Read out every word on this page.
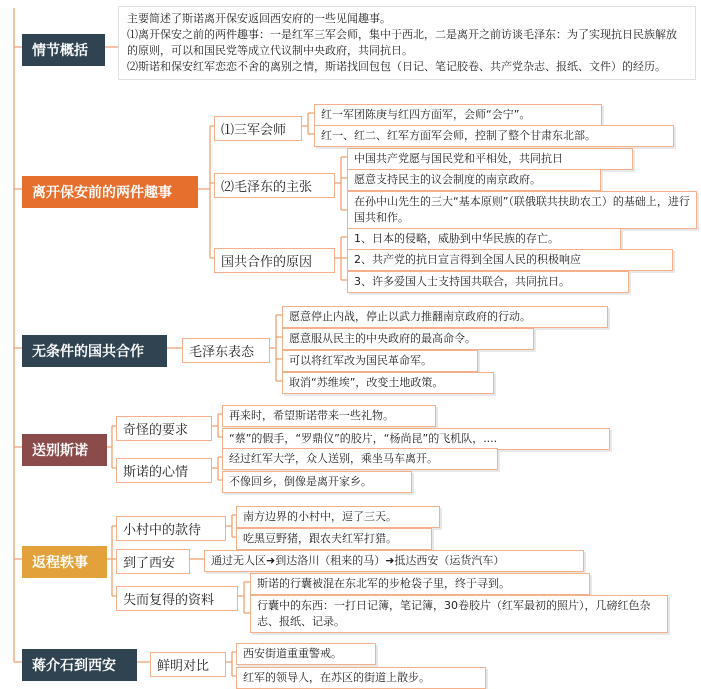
情节概括
离开保安前的两件趣事
无条件的国共合作
送别斯诺
返程轶事
蒋介石到西安
主要简述了斯诺离开保安返回西安府的一些见闻趣事。
⑴离开保安之前的两件趣事：一是红军三军会师，集中于西北，二是离开之前访谈毛泽东：为了实现抗日民族解放的原则，可以和国民党等成立代议制中央政府，共同抗日。
⑵斯诺和保安红军恋恋不舍的离别之情，斯诺找回包包（日记、笔记胶卷、共产党杂志、报纸、文件）的经历。
⑴三军会师
⑵毛泽东的主张
国共合作的原因
毛泽东表态
奇怪的要求
斯诺的心情
小村中的款待
到了西安
失而复得的资料
鲜明对比
红一军团陈庚与红四方面军，会师“会宁”。
红一、红二、红军方面军会师，控制了整个甘肃东北部。
中国共产党愿与国民党和平相处，共同抗日
愿意支持民主的议会制度的南京政府。
在孙中山先生的三大“基本原则”（联俄联共扶助农工）的基础上，进行国共和作。
1、日本的侵略，威胁到中华民族的存亡。
2、共产党的抗日宣言得到全国人民的积极响应
3、许多爱国人士支持国共联合，共同抗日。
愿意停止内战，停止以武力推翻南京政府的行动。
愿意服从民主的中央政府的最高命令。
可以将红军改为国民革命军。
取消“苏维埃”，改变土地政策。
再来时，希望斯诺带来一些礼物。
“蔡”的假手，“罗鼎仪”的胶片，“杨尚昆”的飞机队，....
经过红军大学，众人送别，乘坐马车离开。
不像回乡，倒像是离开家乡。
南方边界的小村中，逗了三天。
吃黑豆野猪，跟农夫红军打猎。
通过无人区➜到达洛川（租来的马）➜抵达西安（运货汽车）
斯诺的行囊被混在东北军的步枪袋子里，终于寻到。
行囊中的东西：一打日记簿，笔记簿，30卷胶片（红军最初的照片），几磅红色杂志、报纸、记录。
西安街道重重警戒。
红军的领导人，在苏区的街道上散步。
